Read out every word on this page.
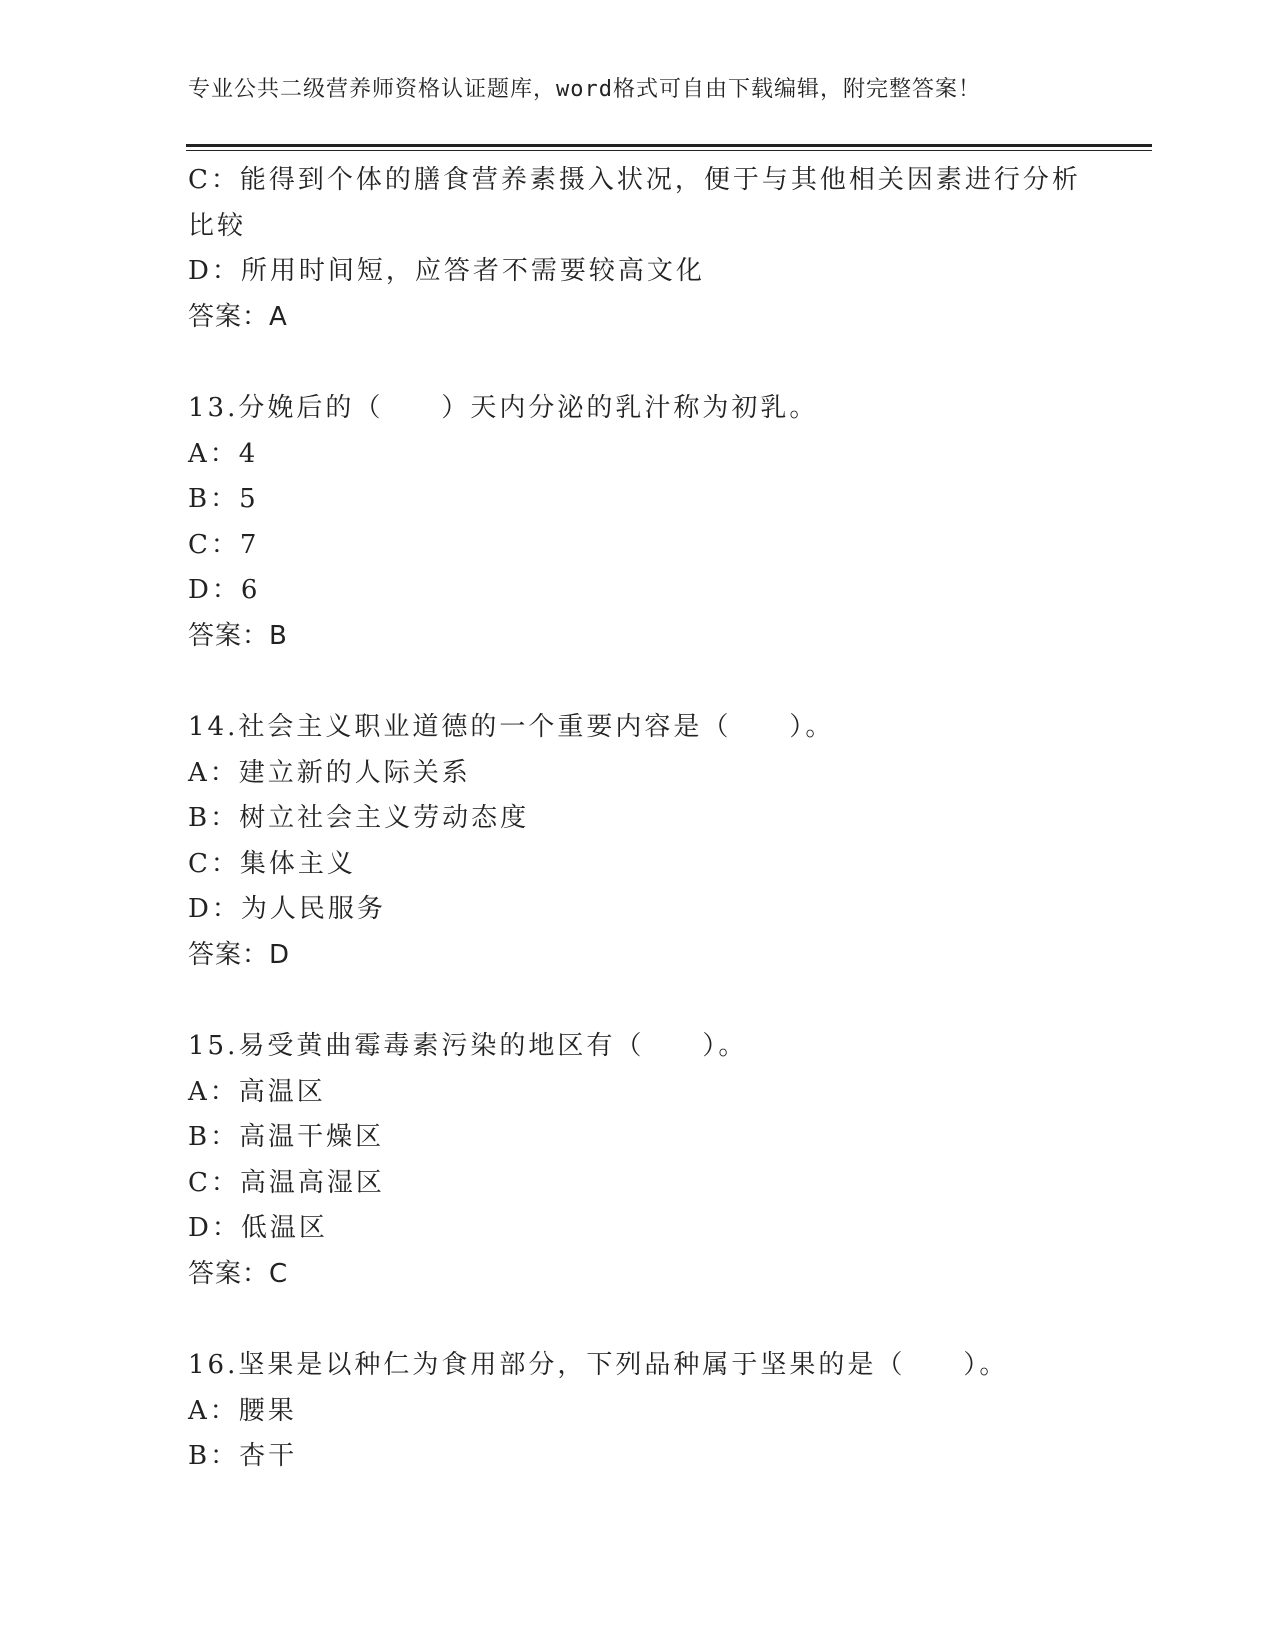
专业公共二级营养师资格认证题库，word格式可自由下载编辑，附完整答案！
C：能得到个体的膳食营养素摄入状况，便于与其他相关因素进行分析
比较
D：所用时间短，应答者不需要较高文化
答案：A
13.分娩后的（　　）天内分泌的乳汁称为初乳。
A：4
B：5
C：7
D：6
答案：B
14.社会主义职业道德的一个重要内容是（　　）。
A：建立新的人际关系
B：树立社会主义劳动态度
C：集体主义
D：为人民服务
答案：D
15.易受黄曲霉毒素污染的地区有（　　）。
A：高温区
B：高温干燥区
C：高温高湿区
D：低温区
答案：C
16.坚果是以种仁为食用部分，下列品种属于坚果的是（　　）。
A：腰果
B：杏干
